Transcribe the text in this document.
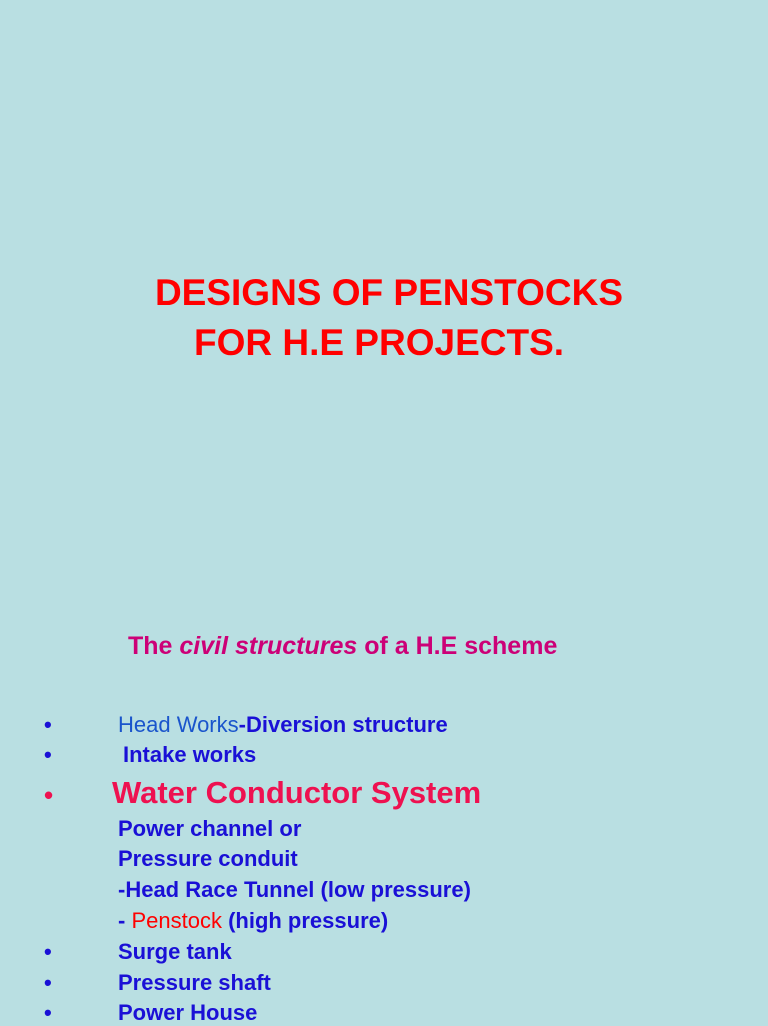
DESIGNS OF PENSTOCKS
FOR H.E PROJECTS.
The civil structures of a H.E scheme
•	Head Works-Diversion structure
•	Intake works
• Water Conductor System
Power channel or
Pressure conduit
-Head Race Tunnel (low pressure)
- Penstock (high pressure)
•	Surge tank
•	Pressure shaft
•	Power House
